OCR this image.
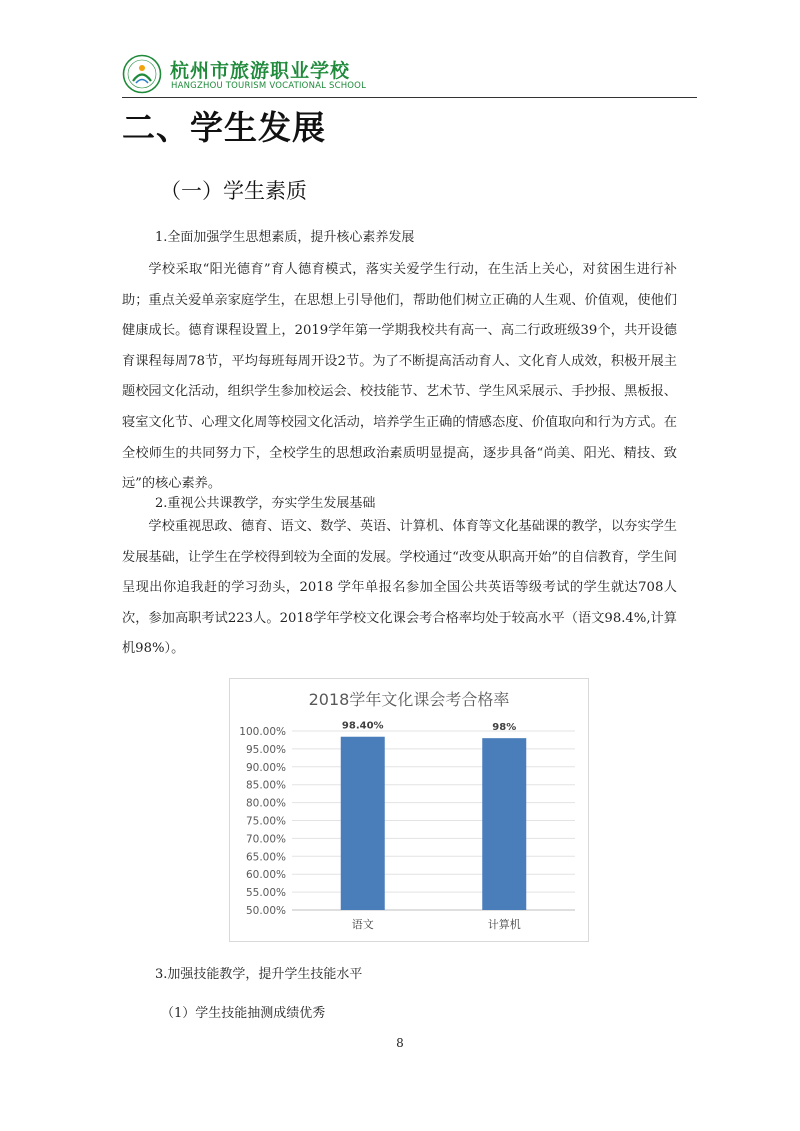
杭州市旅游职业学校
HANGZHOU TOURISM VOCATIONAL SCHOOL
二、学生发展
（一）学生素质
1.全面加强学生思想素质，提升核心素养发展

学校采取“阳光德育”育人德育模式，落实关爱学生行动，在生活上关心，对贫困生进行补助；重点关爱单亲家庭学生，在思想上引导他们，帮助他们树立正确的人生观、价值观，使他们健康成长。德育课程设置上，2019学年第一学期我校共有高一、高二行政班级39个，共开设德育课程每周78节，平均每班每周开设2节。为了不断提高活动育人、文化育人成效，积极开展主题校园文化活动，组织学生参加校运会、校技能节、艺术节、学生风采展示、手抄报、黑板报、寝室文化节、心理文化周等校园文化活动，培养学生正确的情感态度、价值取向和行为方式。在全校师生的共同努力下，全校学生的思想政治素质明显提高，逐步具备“尚美、阳光、精技、致远”的核心素养。

2.重视公共课教学，夯实学生发展基础

学校重视思政、德育、语文、数学、英语、计算机、体育等文化基础课的教学，以夯实学生发展基础，让学生在学校得到较为全面的发展。学校通过“改变从职高开始”的自信教育，学生间呈现出你追我赶的学习劲头，2018 学年单报名参加全国公共英语等级考试的学生就达708人次，参加高职考试223人。2018学年学校文化课会考合格率均处于较高水平（语文98.4%,计算机98%）。

2018学年文化课会考合格率
50.00%
55.00%
60.00%
65.00%
70.00%
75.00%
80.00%
85.00%
90.00%
95.00%
100.00%	98.40%	98%
语文	计算机
3.加强技能教学，提升学生技能水平
（1）学生技能抽测成绩优秀
8
